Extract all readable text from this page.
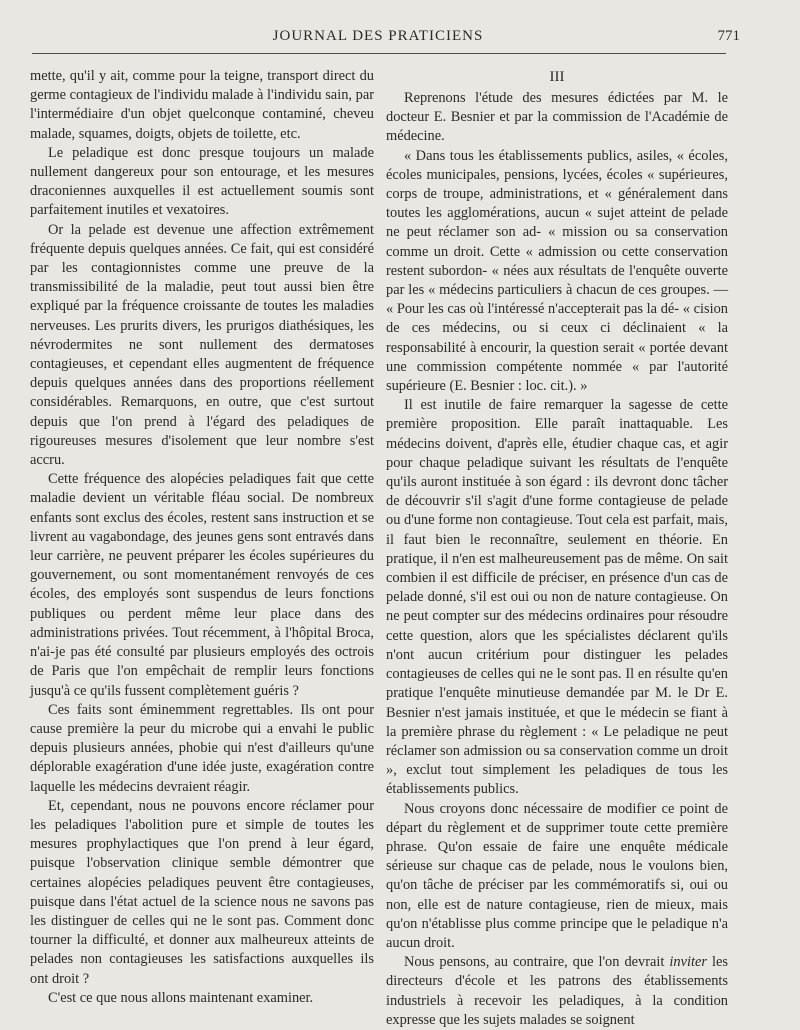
JOURNAL DES PRATICIENS	771

mette, qu'il y ait, comme pour la teigne, transport direct du germe contagieux de l'individu malade à l'individu sain, par l'intermédiaire d'un objet quelconque contaminé, cheveu malade, squames, doigts, objets de toilette, etc.

Le peladique est donc presque toujours un malade nullement dangereux pour son entourage, et les mesures draconiennes auxquelles il est actuellement soumis sont parfaitement inutiles et vexatoires.

Or la pelade est devenue une affection extrêmement fréquente depuis quelques années. Ce fait, qui est considéré par les contagionnistes comme une preuve de la transmissibilité de la maladie, peut tout aussi bien être expliqué par la fréquence croissante de toutes les maladies nerveuses. Les prurits divers, les prurigos diathésiques, les névrodermites ne sont nullement des dermatoses contagieuses, et cependant elles augmentent de fréquence depuis quelques années dans des proportions réellement considérables. Remarquons, en outre, que c'est surtout depuis que l'on prend à l'égard des peladiques de rigoureuses mesures d'isolement que leur nombre s'est accru.

Cette fréquence des alopécies peladiques fait que cette maladie devient un véritable fléau social. De nombreux enfants sont exclus des écoles, restent sans instruction et se livrent au vagabondage, des jeunes gens sont entravés dans leur carrière, ne peuvent préparer les écoles supérieures du gouvernement, ou sont momentanément renvoyés de ces écoles, des employés sont suspendus de leurs fonctions publiques ou perdent même leur place dans des administrations privées. Tout récemment, à l'hôpital Broca, n'ai-je pas été consulté par plusieurs employés des octrois de Paris que l'on empêchait de remplir leurs fonctions jusqu'à ce qu'ils fussent complètement guéris ?

Ces faits sont éminemment regrettables. Ils ont pour cause première la peur du microbe qui a envahi le public depuis plusieurs années, phobie qui n'est d'ailleurs qu'une déplorable exagération d'une idée juste, exagération contre laquelle les médecins devraient réagir.

Et, cependant, nous ne pouvons encore réclamer pour les peladiques l'abolition pure et simple de toutes les mesures prophylactiques que l'on prend à leur égard, puisque l'observation clinique semble démontrer que certaines alopécies peladiques peuvent être contagieuses, puisque dans l'état actuel de la science nous ne savons pas les distinguer de celles qui ne le sont pas. Comment donc tourner la difficulté, et donner aux malheureux atteints de pelades non contagieuses les satisfactions auxquelles ils ont droit ?

C'est ce que nous allons maintenant examiner.

III

Reprenons l'étude des mesures édictées par M. le docteur E. Besnier et par la commission de l'Académie de médecine.

« Dans tous les établissements publics, asiles, « écoles, écoles municipales, pensions, lycées, écoles « supérieures, corps de troupe, administrations, et « généralement dans toutes les agglomérations, aucun « sujet atteint de pelade ne peut réclamer son ad- « mission ou sa conservation comme un droit. Cette « admission ou cette conservation restent subordon- « nées aux résultats de l'enquête ouverte par les « médecins particuliers à chacun de ces groupes. — « Pour les cas où l'intéressé n'accepterait pas la dé- « cision de ces médecins, ou si ceux ci déclinaient « la responsabilité à encourir, la question serait « portée devant une commission compétente nommée « par l'autorité supérieure (E. Besnier : loc. cit.). »

Il est inutile de faire remarquer la sagesse de cette première proposition. Elle paraît inattaquable. Les médecins doivent, d'après elle, étudier chaque cas, et agir pour chaque peladique suivant les résultats de l'enquête qu'ils auront instituée à son égard : ils devront donc tâcher de découvrir s'il s'agit d'une forme contagieuse de pelade ou d'une forme non contagieuse. Tout cela est parfait, mais, il faut bien le reconnaître, seulement en théorie. En pratique, il n'en est malheureusement pas de même. On sait combien il est difficile de préciser, en présence d'un cas de pelade donné, s'il est oui ou non de nature contagieuse. On ne peut compter sur des médecins ordinaires pour résoudre cette question, alors que les spécialistes déclarent qu'ils n'ont aucun critérium pour distinguer les pelades contagieuses de celles qui ne le sont pas. Il en résulte qu'en pratique l'enquête minutieuse demandée par M. le Dr E. Besnier n'est jamais instituée, et que le médecin se fiant à la première phrase du règlement : « Le peladique ne peut réclamer son admission ou sa conservation comme un droit », exclut tout simplement les peladiques de tous les établissements publics.

Nous croyons donc nécessaire de modifier ce point de départ du règlement et de supprimer toute cette première phrase. Qu'on essaie de faire une enquête médicale sérieuse sur chaque cas de pelade, nous le voulons bien, qu'on tâche de préciser par les commémoratifs si, oui ou non, elle est de nature contagieuse, rien de mieux, mais qu'on n'établisse plus comme principe que le peladique n'a aucun droit.

Nous pensons, au contraire, que l'on devrait inviter les directeurs d'école et les patrons des établissements industriels à recevoir les peladiques, à la condition expresse que les sujets malades se soignent
